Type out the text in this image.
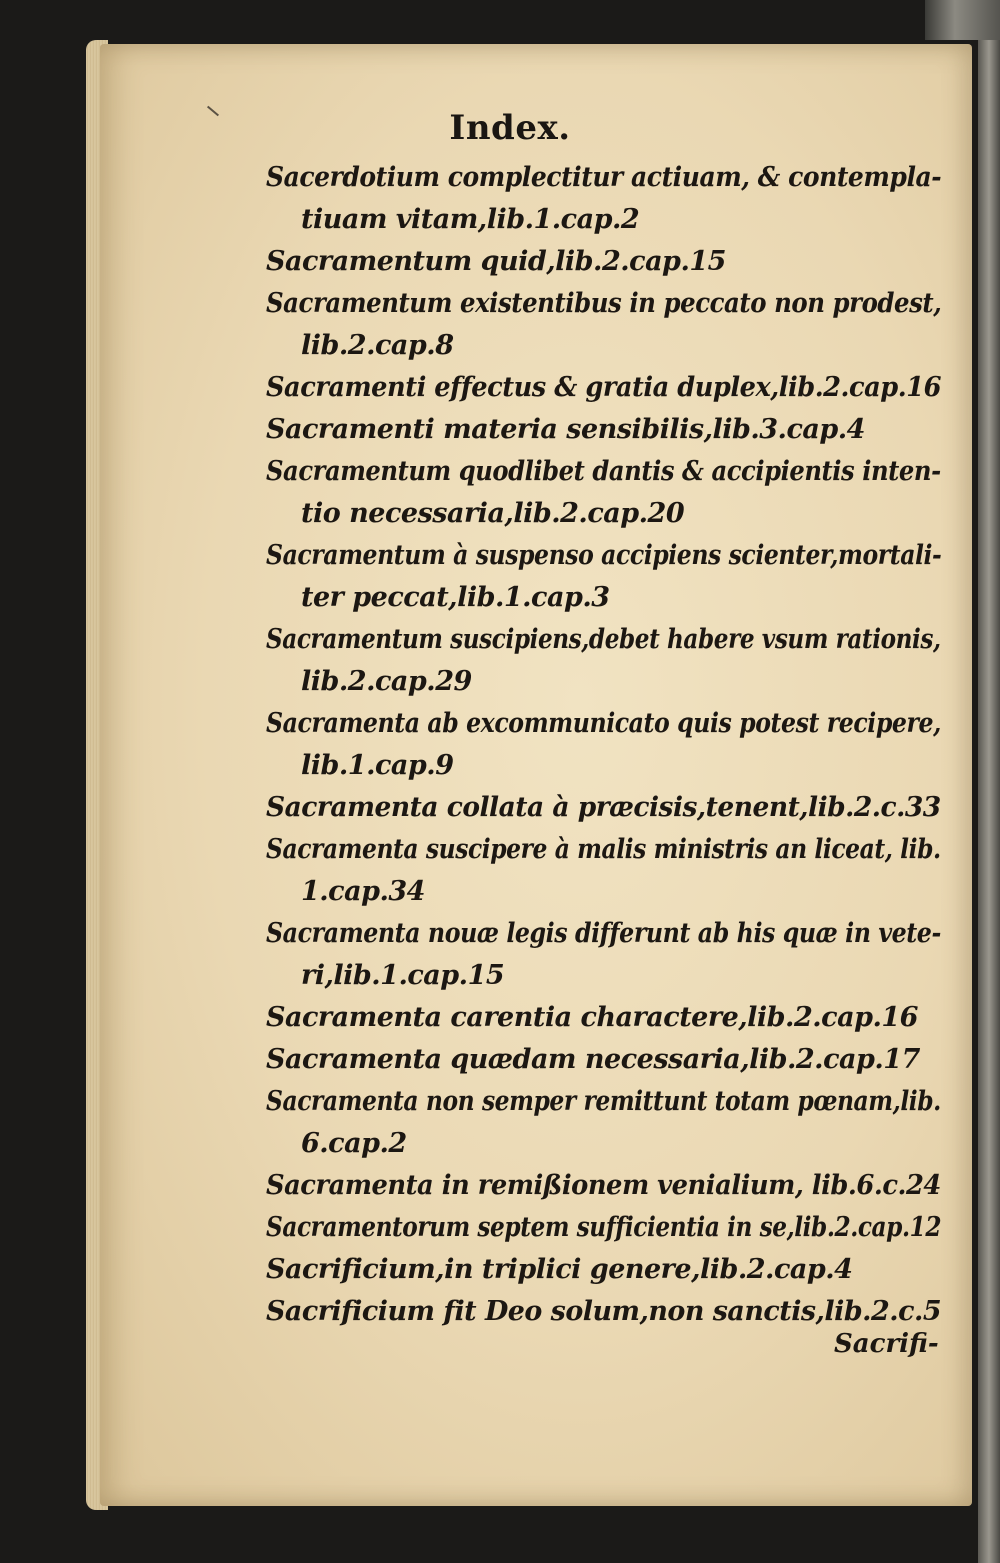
Index.
Sacerdotium complectitur actiuam, & contempla-
tiuam vitam,lib.1.cap.2
Sacramentum quid,lib.2.cap.15
Sacramentum existentibus in peccato non prodest,
lib.2.cap.8
Sacramenti effectus & gratia duplex,lib.2.cap.16
Sacramenti materia sensibilis,lib.3.cap.4
Sacramentum quodlibet dantis & accipientis inten-
tio necessaria,lib.2.cap.20
Sacramentum à suspenso accipiens scienter,mortali-
ter peccat,lib.1.cap.3
Sacramentum suscipiens,debet habere vsum rationis,
lib.2.cap.29
Sacramenta ab excommunicato quis potest recipere,
lib.1.cap.9
Sacramenta collata à præcisis,tenent,lib.2.c.33
Sacramenta suscipere à malis ministris an liceat, lib.
1.cap.34
Sacramenta nouæ legis differunt ab his quæ in vete-
ri,lib.1.cap.15
Sacramenta carentia charactere,lib.2.cap.16
Sacramenta quædam necessaria,lib.2.cap.17
Sacramenta non semper remittunt totam pœnam,lib.
6.cap.2
Sacramenta in remißionem venialium, lib.6.c.24
Sacramentorum septem sufficientia in se,lib.2.cap.12
Sacrificium,in triplici genere,lib.2.cap.4
Sacrificium fit Deo solum,non sanctis,lib.2.c.5
Sacrifi-
